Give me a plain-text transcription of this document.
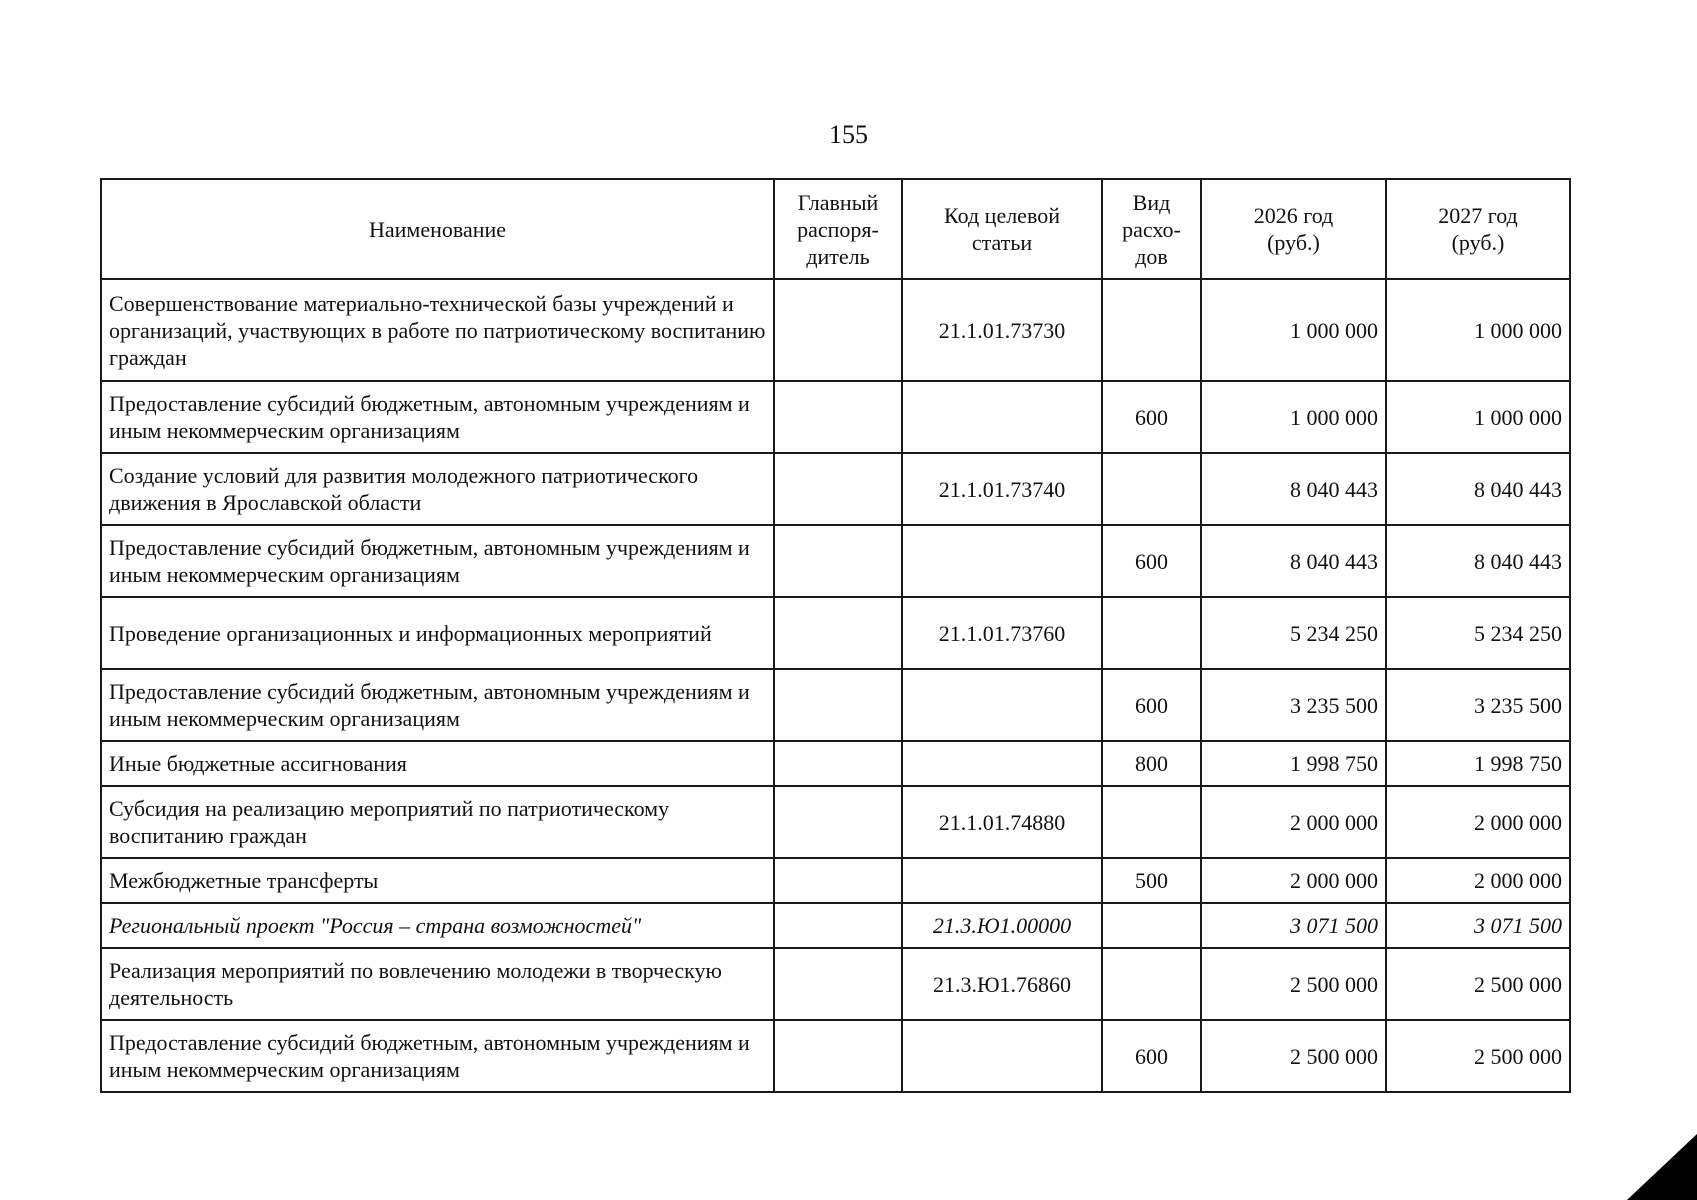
155
Наименование	Главный распоря-дитель	Код целевой статьи	Вид расхо-дов	2026 год (руб.)	2027 год (руб.)
Совершенствование материально-технической базы учреждений и организаций, участвующих в работе по патриотическому воспитанию граждан		21.1.01.73730		1 000 000	1 000 000
Предоставление субсидий бюджетным, автономным учреждениям и иным некоммерческим организациям			600	1 000 000	1 000 000
Создание условий для развития молодежного патриотического движения в Ярославской области		21.1.01.73740		8 040 443	8 040 443
Предоставление субсидий бюджетным, автономным учреждениям и иным некоммерческим организациям			600	8 040 443	8 040 443
Проведение организационных и информационных мероприятий		21.1.01.73760		5 234 250	5 234 250
Предоставление субсидий бюджетным, автономным учреждениям и иным некоммерческим организациям			600	3 235 500	3 235 500
Иные бюджетные ассигнования			800	1 998 750	1 998 750
Субсидия на реализацию мероприятий по патриотическому воспитанию граждан		21.1.01.74880		2 000 000	2 000 000
Межбюджетные трансферты			500	2 000 000	2 000 000
Региональный проект "Россия – страна возможностей"		21.3.Ю1.00000		3 071 500	3 071 500
Реализация мероприятий по вовлечению молодежи в творческую деятельность		21.3.Ю1.76860		2 500 000	2 500 000
Предоставление субсидий бюджетным, автономным учреждениям и иным некоммерческим организациям			600	2 500 000	2 500 000
